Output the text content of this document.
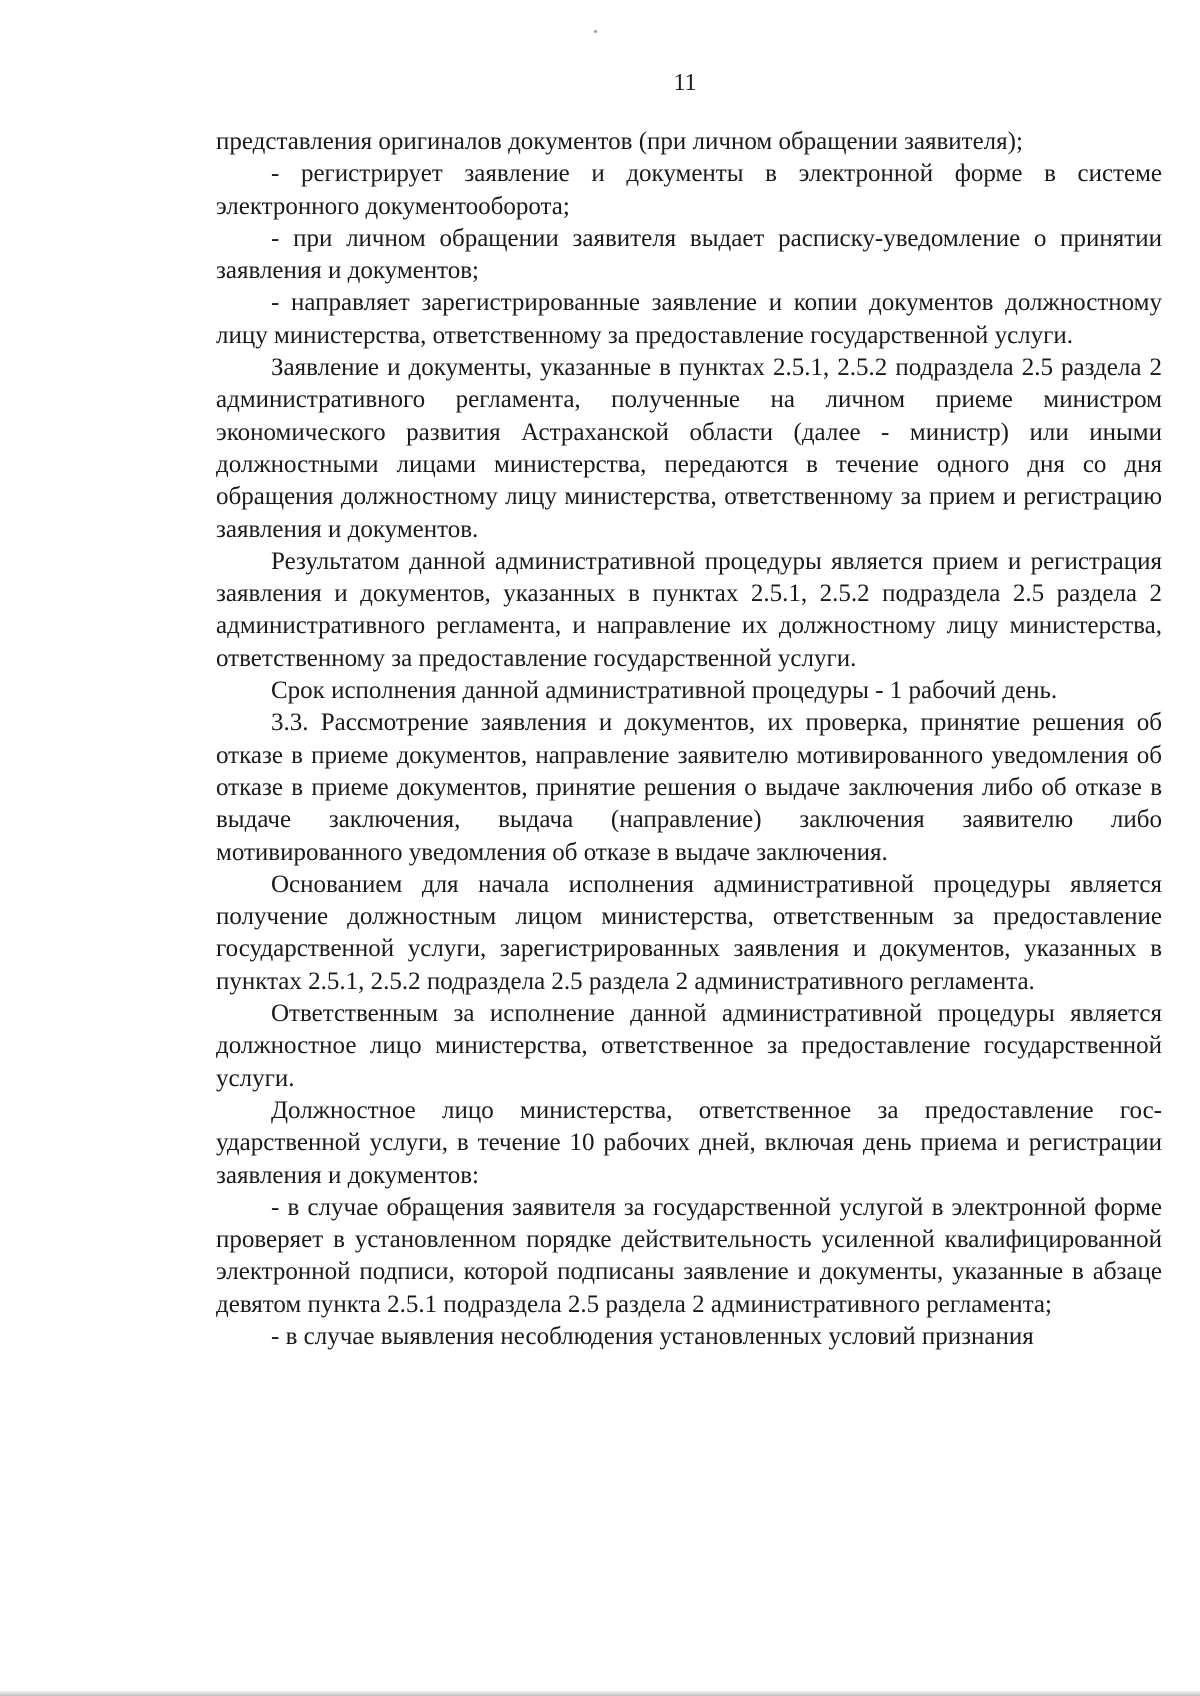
11

представления оригиналов документов (при личном обращении заявителя);

- регистрирует заявление и документы в электронной форме в системе электронного документооборота;

- при личном обращении заявителя выдает расписку-уведомление о принятии заявления и документов;

- направляет зарегистрированные заявление и копии документов должностному лицу министерства, ответственному за предоставление государственной услуги.

Заявление и документы, указанные в пунктах 2.5.1, 2.5.2 подраздела 2.5 раздела 2 административного регламента, полученные на личном приеме министром экономического развития Астраханской области (далее - министр) или иными должностными лицами министерства, передаются в течение одного дня со дня обращения должностному лицу министерства, ответственному за прием и регистрацию заявления и документов.

Результатом данной административной процедуры является прием и регистрация заявления и документов, указанных в пунктах 2.5.1, 2.5.2 подраздела 2.5 раздела 2 административного регламента, и направление их должностному лицу министерства, ответственному за предоставление государственной услуги.

Срок исполнения данной административной процедуры - 1 рабочий день.

3.3. Рассмотрение заявления и документов, их проверка, принятие решения об отказе в приеме документов, направление заявителю мотивированного уведомления об отказе в приеме документов, принятие решения о выдаче заключения либо об отказе в выдаче заключения, выдача (направление) заключения заявителю либо мотивированного уведомления об отказе в выдаче заключения.

Основанием для начала исполнения административной процедуры является получение должностным лицом министерства, ответственным за предоставление государственной услуги, зарегистрированных заявления и документов, указанных в пунктах 2.5.1, 2.5.2 подраздела 2.5 раздела 2 административного регламента.

Ответственным за исполнение данной административной процедуры является должностное лицо министерства, ответственное за предоставление государственной услуги.

Должностное лицо министерства, ответственное за предоставление государственной услуги, в течение 10 рабочих дней, включая день приема и регистрации заявления и документов:

- в случае обращения заявителя за государственной услугой в электронной форме проверяет в установленном порядке действительность усиленной квалифицированной электронной подписи, которой подписаны заявление и документы, указанные в абзаце девятом пункта 2.5.1 подраздела 2.5 раздела 2 административного регламента;

- в случае выявления несоблюдения установленных условий признания
